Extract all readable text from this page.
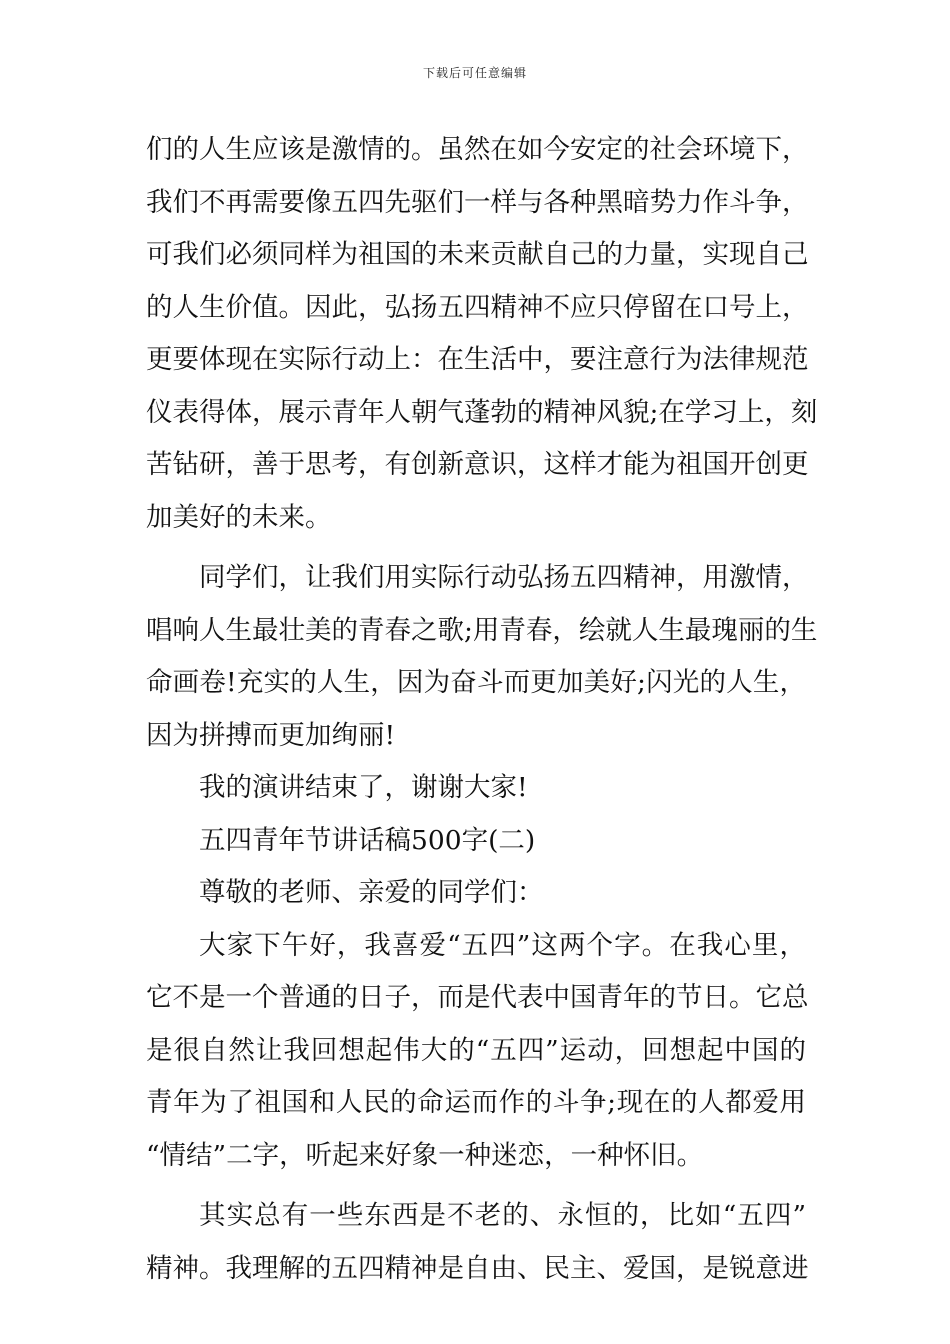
下载后可任意编辑
们的人生应该是激情的。虽然在如今安定的社会环境下，
我们不再需要像五四先驱们一样与各种黑暗势力作斗争，
可我们必须同样为祖国的未来贡献自己的力量，实现自己
的人生价值。因此，弘扬五四精神不应只停留在口号上，
更要体现在实际行动上：在生活中，要注意行为法律规范
仪表得体，展示青年人朝气蓬勃的精神风貌;在学习上，刻
苦钻研，善于思考，有创新意识，这样才能为祖国开创更
加美好的未来。
同学们，让我们用实际行动弘扬五四精神，用激情，
唱响人生最壮美的青春之歌;用青春，绘就人生最瑰丽的生
命画卷!充实的人生，因为奋斗而更加美好;闪光的人生，
因为拼搏而更加绚丽!
我的演讲结束了，谢谢大家!
五四青年节讲话稿500字(二)
尊敬的老师、亲爱的同学们：
大家下午好，我喜爱“五四”这两个字。在我心里，
它不是一个普通的日子，而是代表中国青年的节日。它总
是很自然让我回想起伟大的“五四”运动，回想起中国的
青年为了祖国和人民的命运而作的斗争;现在的人都爱用
“情结”二字，听起来好象一种迷恋，一种怀旧。
其实总有一些东西是不老的、永恒的，比如“五四”
精神。我理解的五四精神是自由、民主、爱国，是锐意进
